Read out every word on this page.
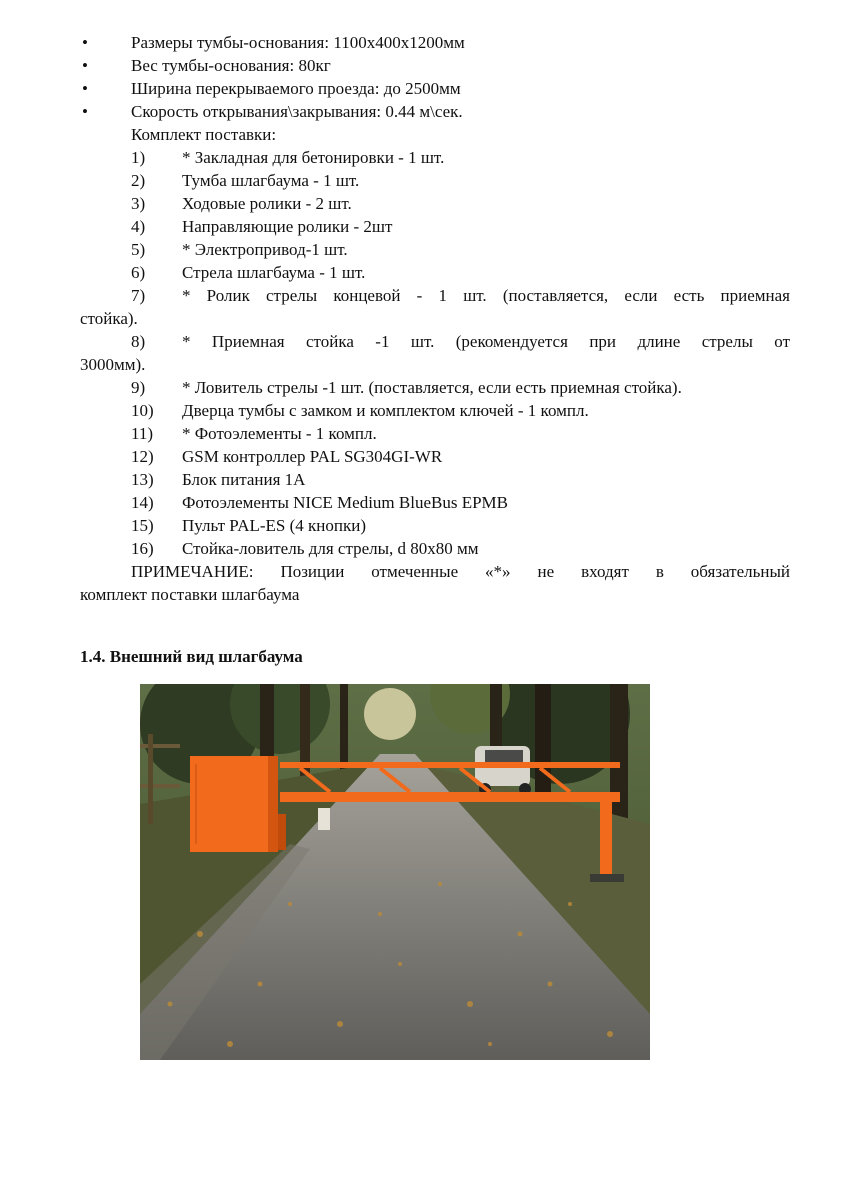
•	Размеры тумбы-основания: 1100х400х1200мм
•	Вес тумбы-основания: 80кг
•	Ширина перекрываемого проезда: до 2500мм
•	Скорость открывания\закрывания: 0.44 м\сек.
Комплект поставки:
1)	* Закладная для бетонировки - 1 шт.
2)	Тумба шлагбаума - 1 шт.
3)	Ходовые ролики - 2 шт.
4)	Направляющие ролики - 2шт
5)	* Электропривод-1 шт.
6)	Стрела шлагбаума - 1 шт.
7)	* Ролик стрелы концевой - 1 шт. (поставляется, если есть приемная
стойка).
8)	* Приемная стойка -1 шт. (рекомендуется при длине стрелы от
3000мм).
9)	* Ловитель стрелы -1 шт. (поставляется, если есть приемная стойка).
10)	Дверца тумбы с замком и комплектом ключей - 1 компл.
11)	* Фотоэлементы - 1 компл.
12)	GSM контроллер PAL SG304GI-WR
13)	Блок питания 1А
14)	Фотоэлементы NICE Medium BlueBus EPMB
15)	Пульт PAL-ES (4 кнопки)
16)	Стойка-ловитель для стрелы, d 80х80 мм
ПРИМЕЧАНИЕ: Позиции отмеченные «*» не входят в обязательный
комплект поставки шлагбаума
1.4. Внешний вид шлагбаума
